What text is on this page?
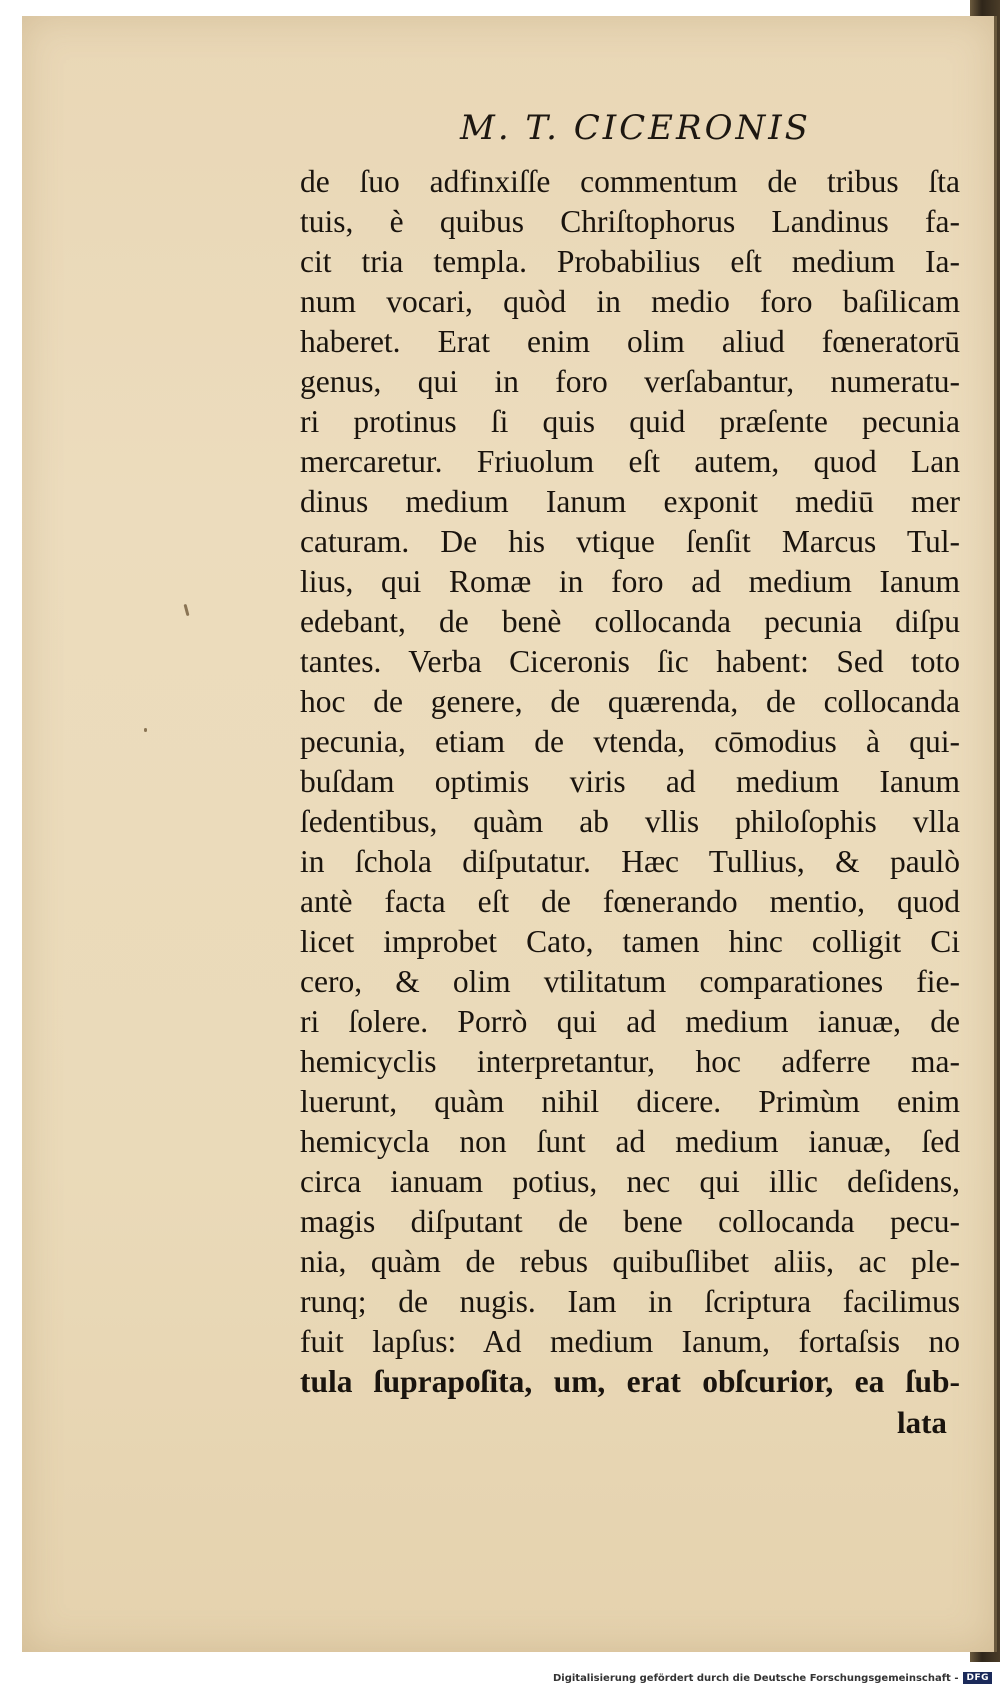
M. T. CICERONIS
de ſuo adfinxiſſe commentum de tribus ſta
tuis, è quibus Chriſtophorus Landinus fa-
cit tria templa. Probabilius eſt medium Ia-
num vocari, quòd in medio foro baſilicam
haberet. Erat enim olim aliud fœneratorū
genus, qui in foro verſabantur, numeratu-
ri protinus ſi quis quid præſente pecunia
mercaretur. Friuolum eſt autem, quod Lan
dinus medium Ianum exponit mediū mer
caturam. De his vtique ſenſit Marcus Tul-
lius, qui Romæ in foro ad medium Ianum
edebant, de benè collocanda pecunia diſpu
tantes. Verba Ciceronis ſic habent: Sed toto
hoc de genere, de quærenda, de collocanda
pecunia, etiam de vtenda, cōmodius à qui-
buſdam optimis viris ad medium Ianum
ſedentibus, quàm ab vllis philoſophis vlla
in ſchola diſputatur. Hæc Tullius, & paulò
antè facta eſt de fœnerando mentio, quod
licet improbet Cato, tamen hinc colligit Ci
cero, & olim vtilitatum comparationes fie-
ri ſolere. Porrò qui ad medium ianuæ, de
hemicyclis interpretantur, hoc adferre ma-
luerunt, quàm nihil dicere. Primùm enim
hemicycla non ſunt ad medium ianuæ, ſed
circa ianuam potius, nec qui illic deſidens,
magis diſputant de bene collocanda pecu-
nia, quàm de rebus quibuſlibet aliis, ac ple-
runq; de nugis. Iam in ſcriptura facilimus
fuit lapſus: Ad medium Ianum, fortaſsis no
tula ſuprapoſita, um, erat obſcurior, ea ſub-
lata
Digitalisierung gefördert durch die Deutsche Forschungsgemeinschaft - DFG
